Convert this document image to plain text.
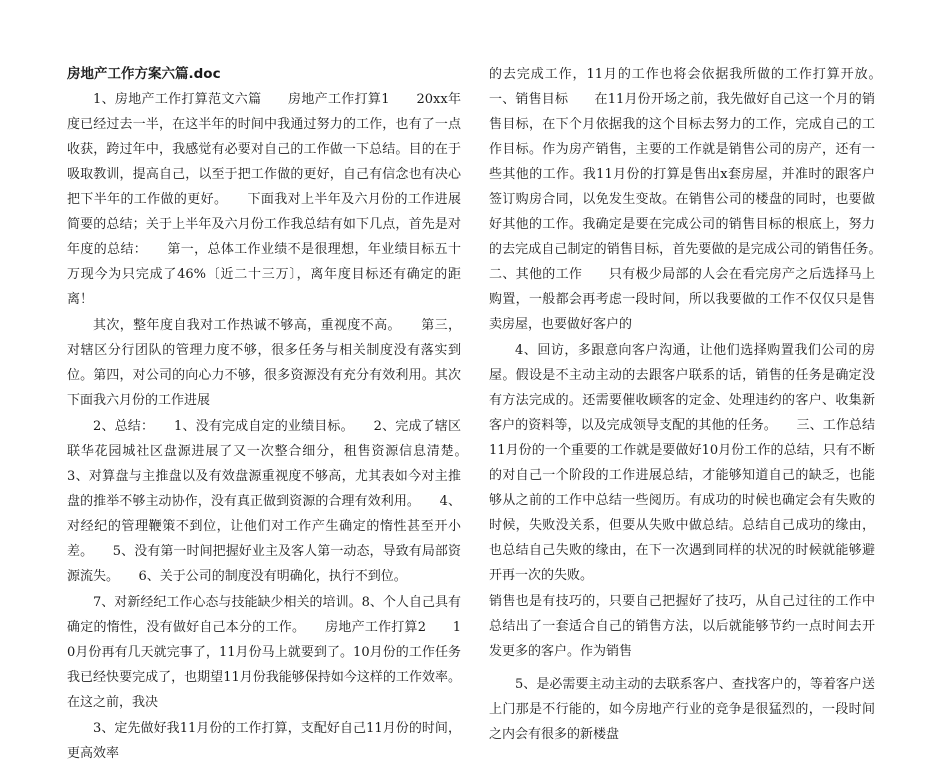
房地产工作方案六篇.doc

1、房地产工作打算范文六篇　　房地产工作打算1　　20xx年度已经过去一半，在这半年的时间中我通过努力的工作，也有了一点收获，跨过年中，我感觉有必要对自己的工作做一下总结。目的在于吸取教训，提高自己，以至于把工作做的更好，自己有信念也有决心把下半年的工作做的更好。　　下面我对上半年及六月份的工作进展简要的总结；关于上半年及六月份工作我总结有如下几点，首先是对年度的总结：　　第一，总体工作业绩不是很理想，年业绩目标五十万现今为只完成了46%〔近二十三万〕，离年度目标还有确定的距离！

其次，整年度自我对工作热诚不够高，重视度不高。　　第三，对辖区分行团队的管理力度不够，很多任务与相关制度没有落实到位。第四，对公司的向心力不够，很多资源没有充分有效利用。其次下面我六月份的工作进展

2、总结：　　1、没有完成自定的业绩目标。　　2、完成了辖区联华花园城社区盘源进展了又一次整合细分，租售资源信息清楚。　　3、对算盘与主推盘以及有效盘源重视度不够高，尤其表如今对主推盘的推举不够主动协作，没有真正做到资源的合理有效利用。　　4、对经纪的管理鞭策不到位，让他们对工作产生确定的惰性甚至开小差。　　5、没有第一时间把握好业主及客人第一动态，导致有局部资源流失。　　6、关于公司的制度没有明确化，执行不到位。

7、对新经纪工作心态与技能缺少相关的培训。8、个人自己具有确定的惰性，没有做好自己本分的工作。　　房地产工作打算2　　10月份再有几天就完事了，11月份马上就要到了。10月份的工作任务我已经快要完成了，也期望11月份我能够保持如今这样的工作效率。在这之前，我决

3、定先做好我11月份的工作打算，支配好自己11月份的时间，更高效率

的去完成工作，11月的工作也将会依据我所做的工作打算开放。　　一、销售目标　　在11月份开场之前，我先做好自己这一个月的销售目标，在下个月依据我的这个目标去努力的工作，完成自己的工作目标。作为房产销售，主要的工作就是销售公司的房产，还有一些其他的工作。我11月份的打算是售出x套房屋，并准时的跟客户签订购房合同，以免发生变故。在销售公司的楼盘的同时，也要做好其他的工作。我确定是要在完成公司的销售目标的根底上，努力的去完成自己制定的销售目标，首先要做的是完成公司的销售任务。　　二、其他的工作　　只有极少局部的人会在看完房产之后选择马上购置，一般都会再考虑一段时间，所以我要做的工作不仅仅只是售卖房屋，也要做好客户的

4、回访，多跟意向客户沟通，让他们选择购置我们公司的房屋。假设是不主动主动的去跟客户联系的话，销售的任务是确定没有方法完成的。还需要催收顾客的定金、处理违约的客户、收集新客户的资料等，以及完成领导支配的其他的任务。　　三、工作总结　　11月份的一个重要的工作就是要做好10月份工作的总结，只有不断的对自己一个阶段的工作进展总结，才能够知道自己的缺乏，也能够从之前的工作中总结一些阅历。有成功的时候也确定会有失败的时候，失败没关系，但要从失败中做总结。总结自己成功的缘由，也总结自己失败的缘由，在下一次遇到同样的状况的时候就能够避开再一次的失败。

销售也是有技巧的，只要自己把握好了技巧，从自己过往的工作中总结出了一套适合自己的销售方法，以后就能够节约一点时间去开发更多的客户。作为销售

5、是必需要主动主动的去联系客户、查找客户的，等着客户送上门那是不行能的，如今房地产行业的竞争是很猛烈的，一段时间之内会有很多的新楼盘
